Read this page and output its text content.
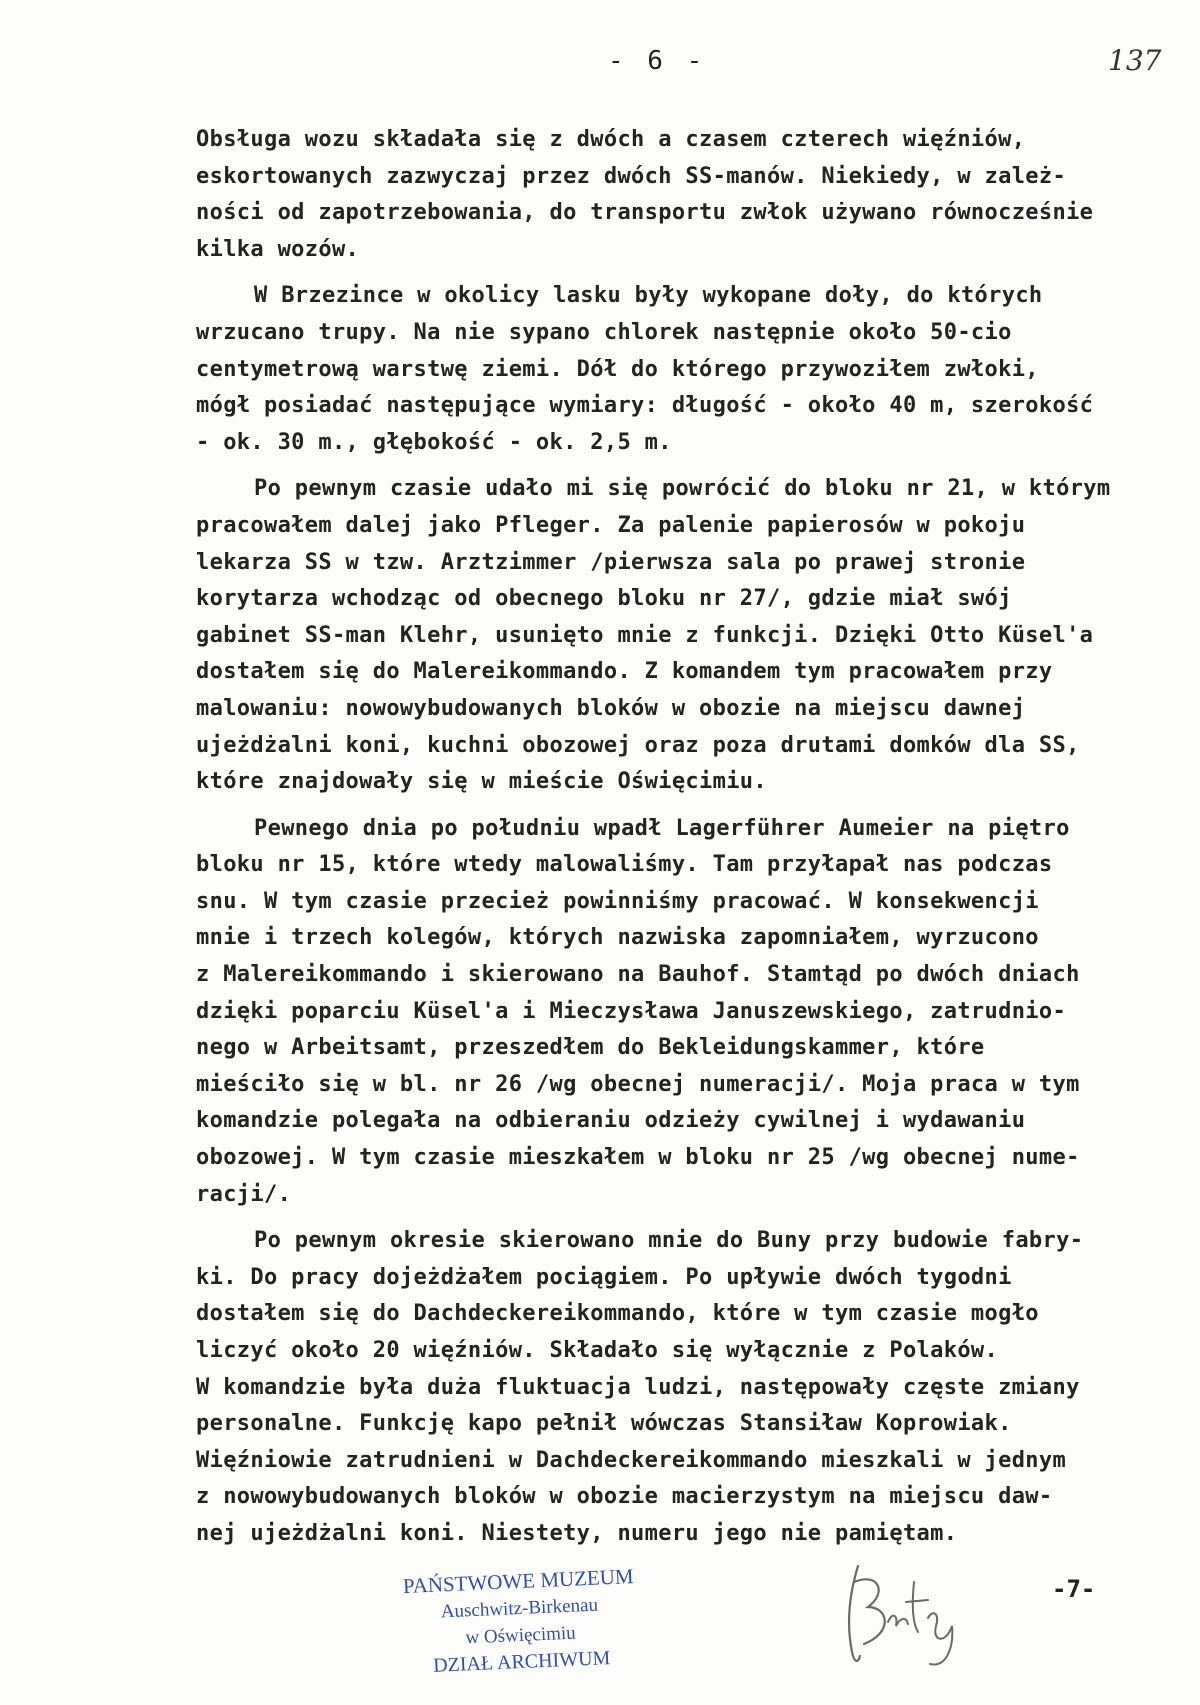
- 6 -	137
Obsługa wozu składała się z dwóch a czasem czterech więźniów,
eskortowanych zazwyczaj przez dwóch SS-manów. Niekiedy, w zależ-
ności od zapotrzebowania, do transportu zwłok używano równocześnie
kilka wozów.
W Brzezince w okolicy lasku były wykopane doły, do których
wrzucano trupy. Na nie sypano chlorek następnie około 50-cio
centymetrową warstwę ziemi. Dół do którego przywoziłem zwłoki,
mógł posiadać następujące wymiary: długość - około 40 m, szerokość
- ok. 30 m., głębokość - ok. 2,5 m.
Po pewnym czasie udało mi się powrócić do bloku nr 21, w którym
pracowałem dalej jako Pfleger. Za palenie papierosów w pokoju
lekarza SS w tzw. Arztzimmer /pierwsza sala po prawej stronie
korytarza wchodząc od obecnego bloku nr 27/, gdzie miał swój
gabinet SS-man Klehr, usunięto mnie z funkcji. Dzięki Otto Küsel'a
dostałem się do Malereikommando. Z komandem tym pracowałem przy
malowaniu: nowowybudowanych bloków w obozie na miejscu dawnej
ujeżdżalni koni, kuchni obozowej oraz poza drutami domków dla SS,
które znajdowały się w mieście Oświęcimiu.
Pewnego dnia po południu wpadł Lagerführer Aumeier na piętro
bloku nr 15, które wtedy malowaliśmy. Tam przyłapał nas podczas
snu. W tym czasie przecież powinniśmy pracować. W konsekwencji
mnie i trzech kolegów, których nazwiska zapomniałem, wyrzucono
z Malereikommando i skierowano na Bauhof. Stamtąd po dwóch dniach
dzięki poparciu Küsel'a i Mieczysława Januszewskiego, zatrudnio-
nego w Arbeitsamt, przeszedłem do Bekleidungskammer, które
mieściło się w bl. nr 26 /wg obecnej numeracji/. Moja praca w tym
komandzie polegała na odbieraniu odzieży cywilnej i wydawaniu
obozowej. W tym czasie mieszkałem w bloku nr 25 /wg obecnej nume-
racji/.
Po pewnym okresie skierowano mnie do Buny przy budowie fabry-
ki. Do pracy dojeżdżałem pociągiem. Po upływie dwóch tygodni
dostałem się do Dachdeckereikommando, które w tym czasie mogło
liczyć około 20 więźniów. Składało się wyłącznie z Polaków.
W komandzie była duża fluktuacja ludzi, następowały częste zmiany
personalne. Funkcję kapo pełnił wówczas Stansiław Koprowiak.
Więźniowie zatrudnieni w Dachdeckereikommando mieszkali w jednym
z nowowybudowanych bloków w obozie macierzystym na miejscu daw-
nej ujeżdżalni koni. Niestety, numeru jego nie pamiętam.
PAŃSTWOWE MUZEUM
Auschwitz-Birkenau
w Oświęcimiu
DZIAŁ ARCHIWUM
-7-
